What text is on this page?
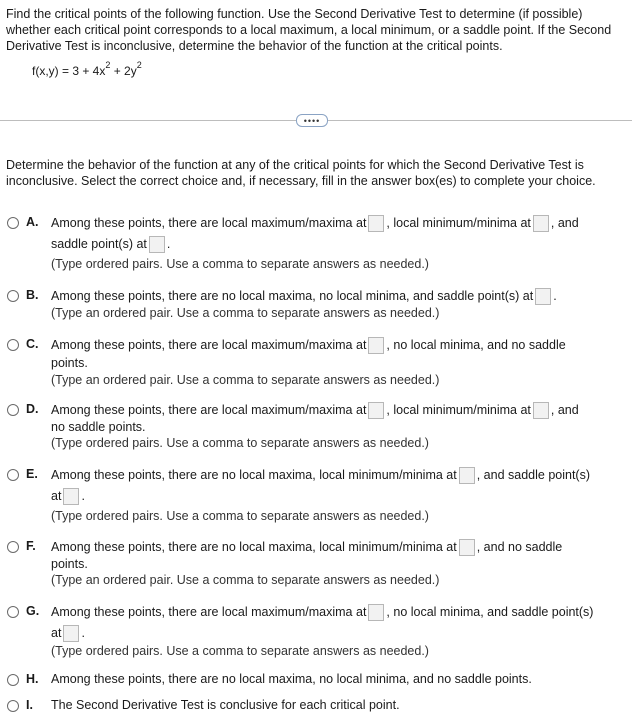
Find the critical points of the following function. Use the Second Derivative Test to determine (if possible)
whether each critical point corresponds to a local maximum, a local minimum, or a saddle point. If the Second
Derivative Test is inconclusive, determine the behavior of the function at the critical points.
$f(x,y) = 3 + 4x^2 + 2y^2$
••••
Determine the behavior of the function at any of the critical points for which the Second Derivative Test is
inconclusive. Select the correct choice and, if necessary, fill in the answer box(es) to complete your choice.
A. Among these points, there are local maximum/maxima at , local minimum/minima at , and
saddle point(s) at .
(Type ordered pairs. Use a comma to separate answers as needed.)
B. Among these points, there are no local maxima, no local minima, and saddle point(s) at .
(Type an ordered pair. Use a comma to separate answers as needed.)
C. Among these points, there are local maximum/maxima at , no local minima, and no saddle
points.
(Type an ordered pair. Use a comma to separate answers as needed.)
D. Among these points, there are local maximum/maxima at , local minimum/minima at , and
no saddle points.
(Type ordered pairs. Use a comma to separate answers as needed.)
E. Among these points, there are no local maxima, local minimum/minima at , and saddle point(s)
at .
(Type ordered pairs. Use a comma to separate answers as needed.)
F. Among these points, there are no local maxima, local minimum/minima at , and no saddle
points.
(Type an ordered pair. Use a comma to separate answers as needed.)
G. Among these points, there are local maximum/maxima at , no local minima, and saddle point(s)
at .
(Type ordered pairs. Use a comma to separate answers as needed.)
H. Among these points, there are no local maxima, no local minima, and no saddle points.
I. The Second Derivative Test is conclusive for each critical point.
